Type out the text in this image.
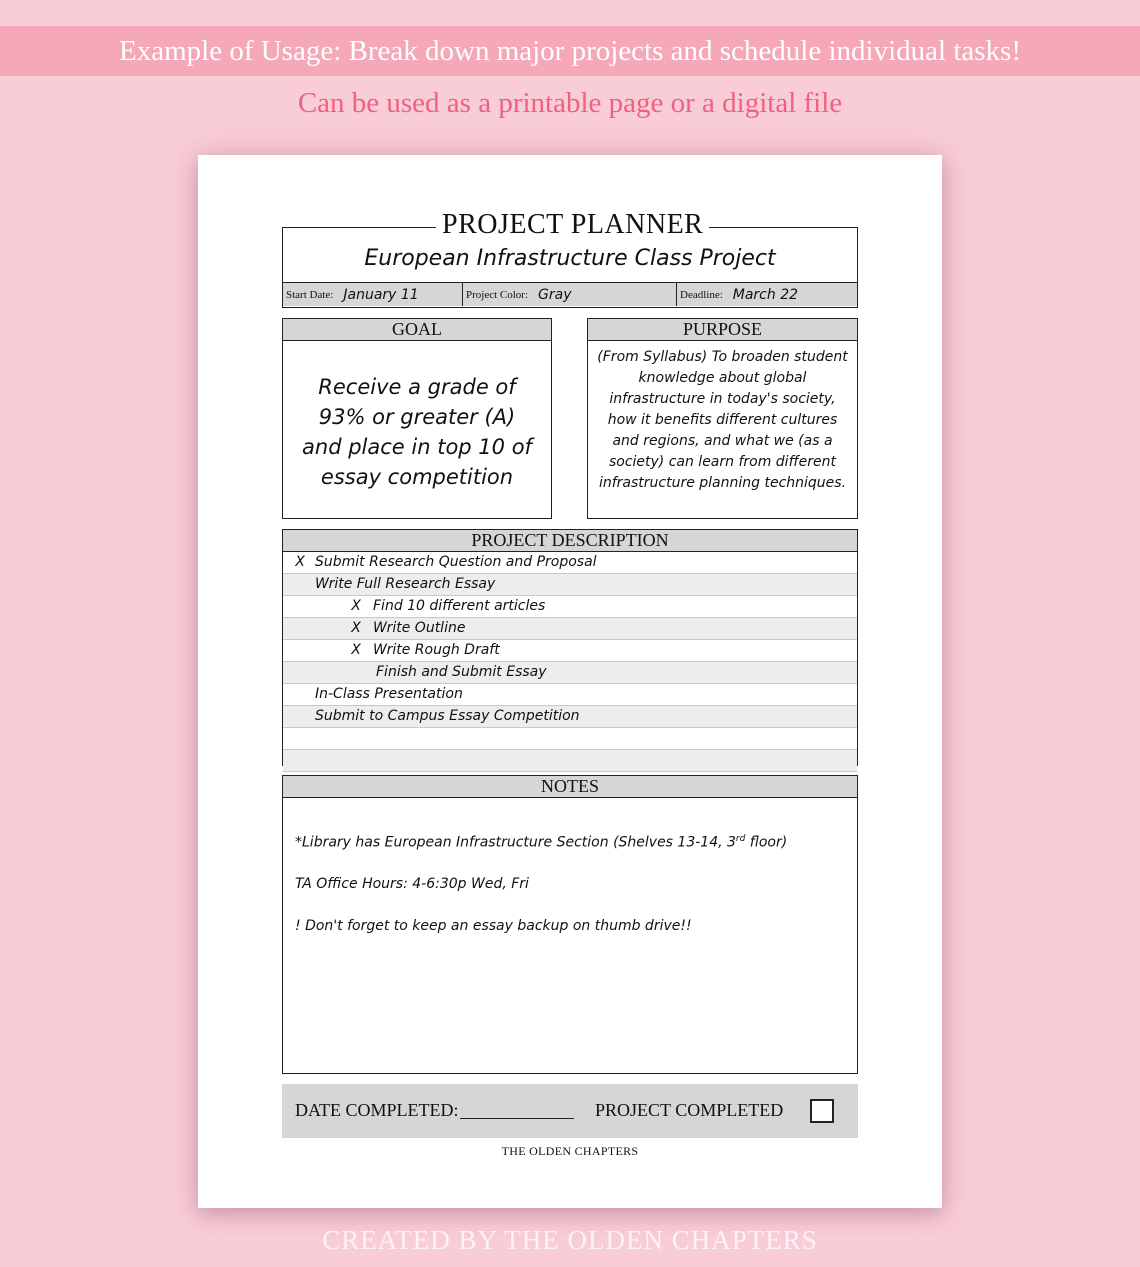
Example of Usage: Break down major projects and schedule individual tasks!
Can be used as a printable page or a digital file
European Infrastructure Class Project
Start Date: January 11	Project Color: Gray	Deadline: March 22
PROJECT PLANNER
GOAL
Receive a grade of 93% or greater (A) and place in top 10 of essay competition
PURPOSE
(From Syllabus) To broaden student knowledge about global infrastructure in today's society, how it benefits different cultures and regions, and what we (as a society) can learn from different infrastructure planning techniques.
PROJECT DESCRIPTION
X Submit Research Question and Proposal
Write Full Research Essay
X Find 10 different articles
X Write Outline
X Write Rough Draft
Finish and Submit Essay
In-Class Presentation
Submit to Campus Essay Competition
NOTES
*Library has European Infrastructure Section (Shelves 13-14, 3rd floor)
TA Office Hours: 4-6:30p Wed, Fri
! Don't forget to keep an essay backup on thumb drive!!
DATE COMPLETED:	PROJECT COMPLETED
THE OLDEN CHAPTERS
CREATED BY THE OLDEN CHAPTERS
